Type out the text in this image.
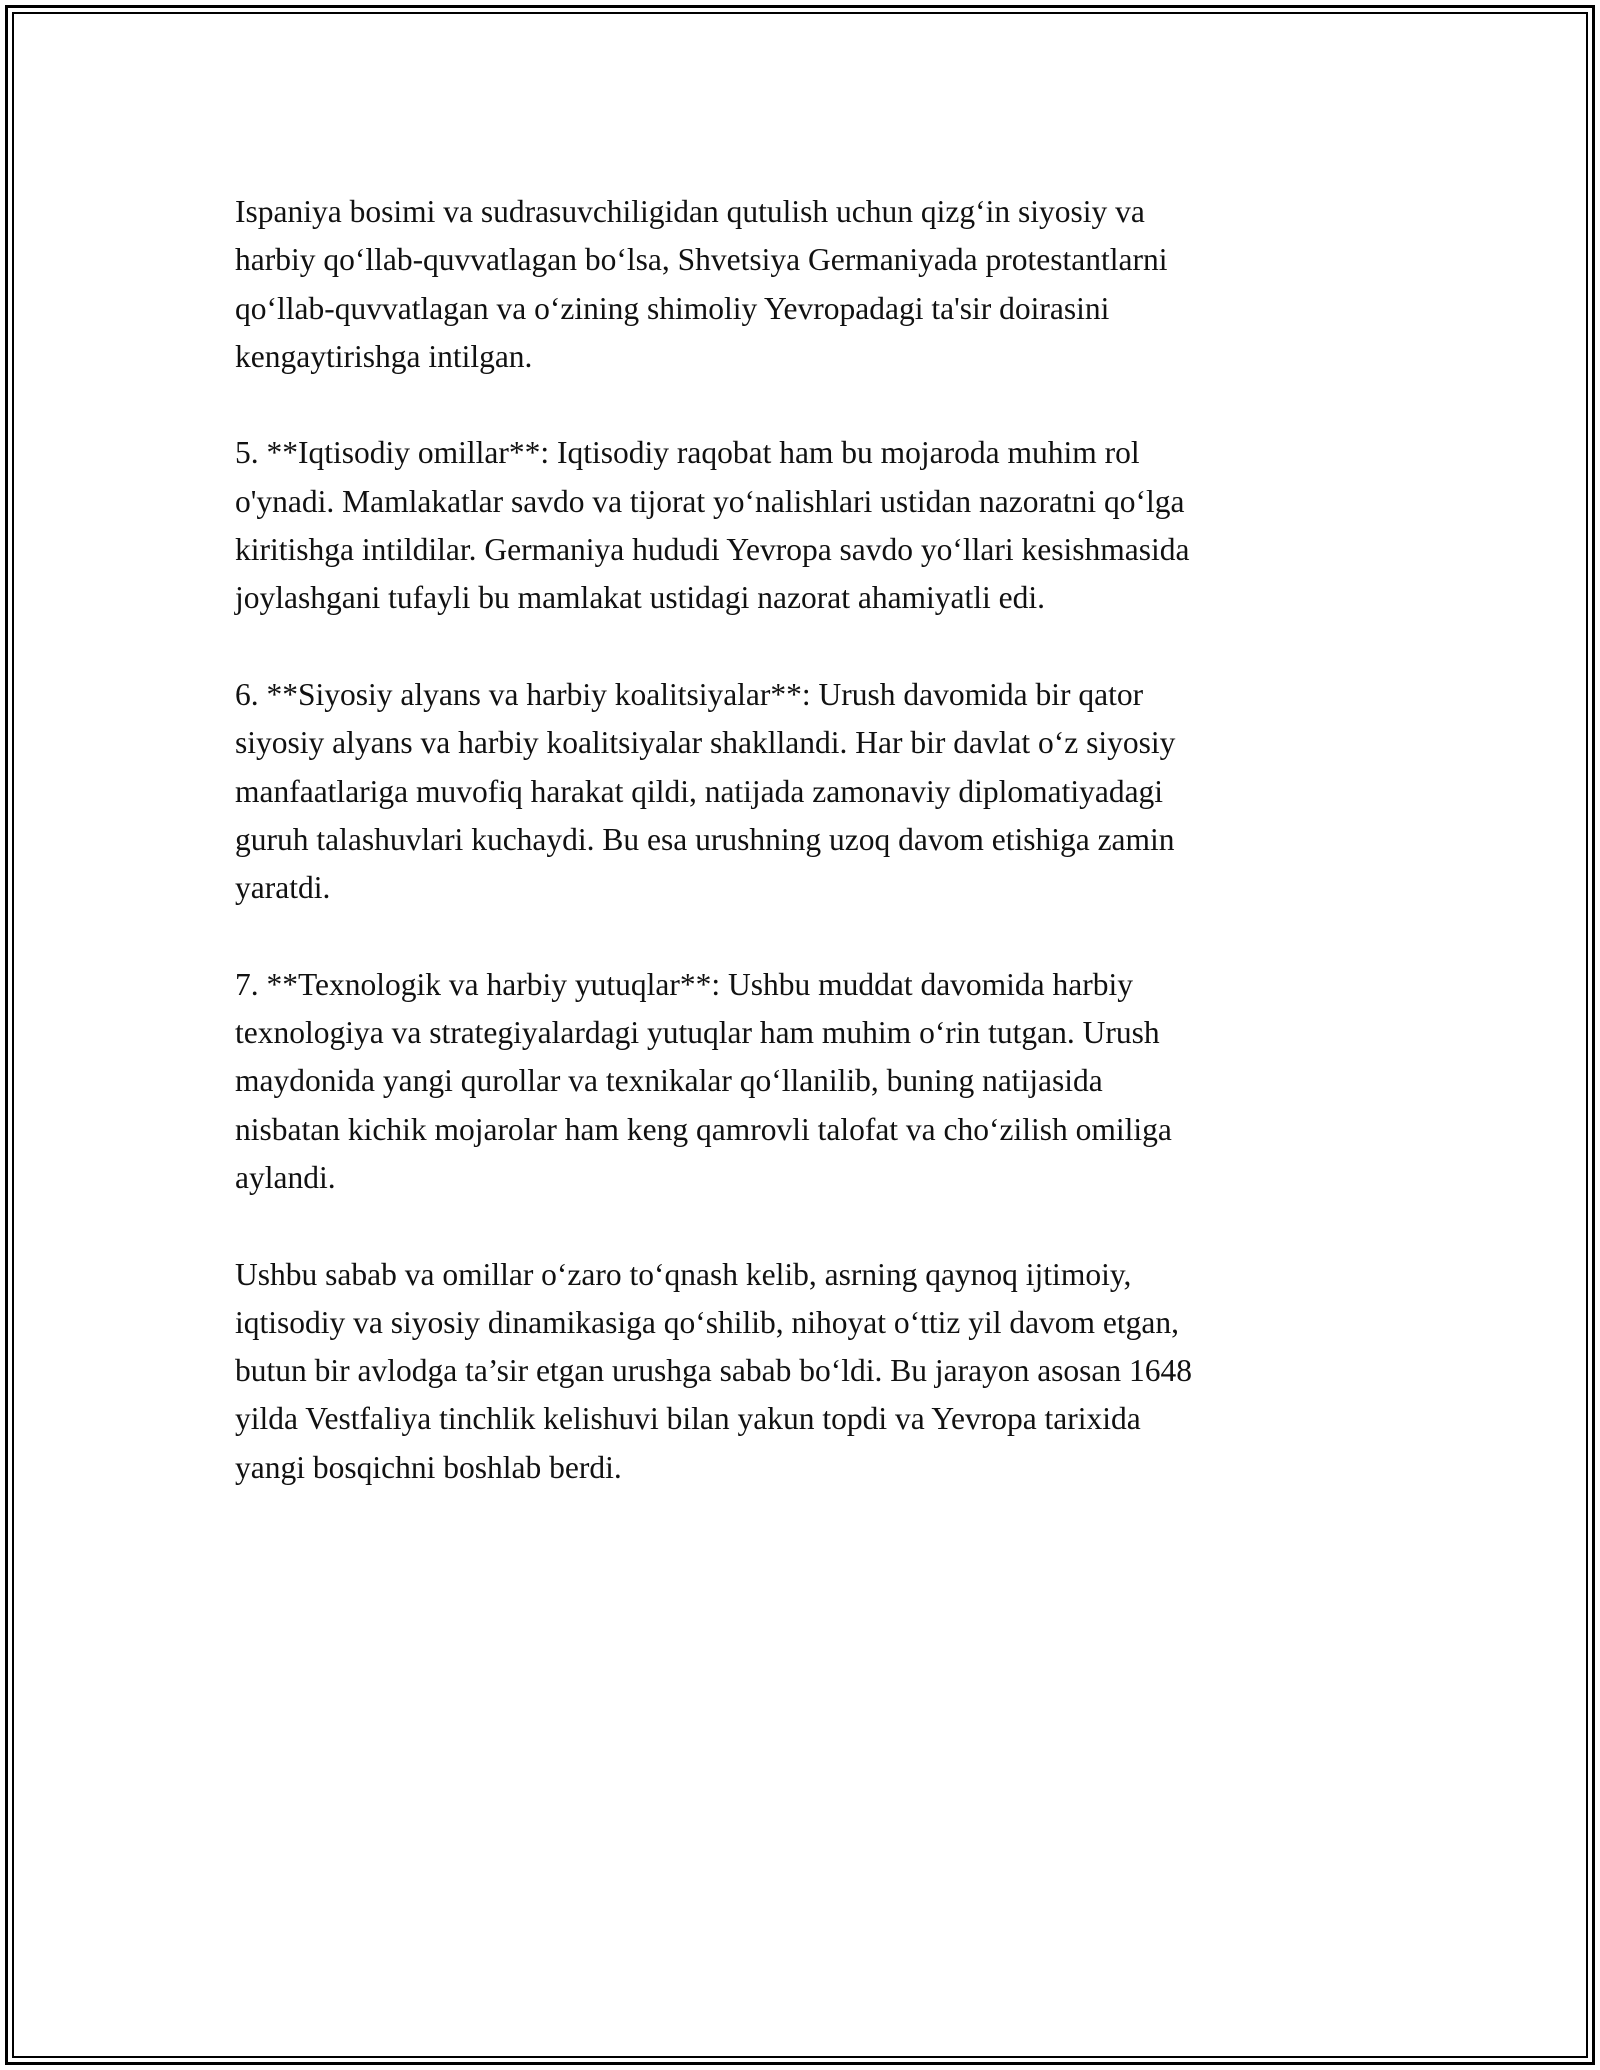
Ispaniya bosimi va sudrasuvchiligidan qutulish uchun qizg‘in siyosiy va
harbiy qo‘llab-quvvatlagan bo‘lsa, Shvetsiya Germaniyada protestantlarni
qo‘llab-quvvatlagan va o‘zining shimoliy Yevropadagi ta'sir doirasini
kengaytirishga intilgan.

5. **Iqtisodiy omillar**: Iqtisodiy raqobat ham bu mojaroda muhim rol
o'ynadi. Mamlakatlar savdo va tijorat yo‘nalishlari ustidan nazoratni qo‘lga
kiritishga intildilar. Germaniya hududi Yevropa savdo yo‘llari kesishmasida
joylashgani tufayli bu mamlakat ustidagi nazorat ahamiyatli edi.

6. **Siyosiy alyans va harbiy koalitsiyalar**: Urush davomida bir qator
siyosiy alyans va harbiy koalitsiyalar shakllandi. Har bir davlat o‘z siyosiy
manfaatlariga muvofiq harakat qildi, natijada zamonaviy diplomatiyadagi
guruh talashuvlari kuchaydi. Bu esa urushning uzoq davom etishiga zamin
yaratdi.

7. **Texnologik va harbiy yutuqlar**: Ushbu muddat davomida harbiy
texnologiya va strategiyalardagi yutuqlar ham muhim o‘rin tutgan. Urush
maydonida yangi qurollar va texnikalar qo‘llanilib, buning natijasida
nisbatan kichik mojarolar ham keng qamrovli talofat va cho‘zilish omiliga
aylandi.

Ushbu sabab va omillar o‘zaro to‘qnash kelib, asrning qaynoq ijtimoiy,
iqtisodiy va siyosiy dinamikasiga qo‘shilib, nihoyat o‘ttiz yil davom etgan,
butun bir avlodga ta’sir etgan urushga sabab bo‘ldi. Bu jarayon asosan 1648
yilda Vestfaliya tinchlik kelishuvi bilan yakun topdi va Yevropa tarixida
yangi bosqichni boshlab berdi.
